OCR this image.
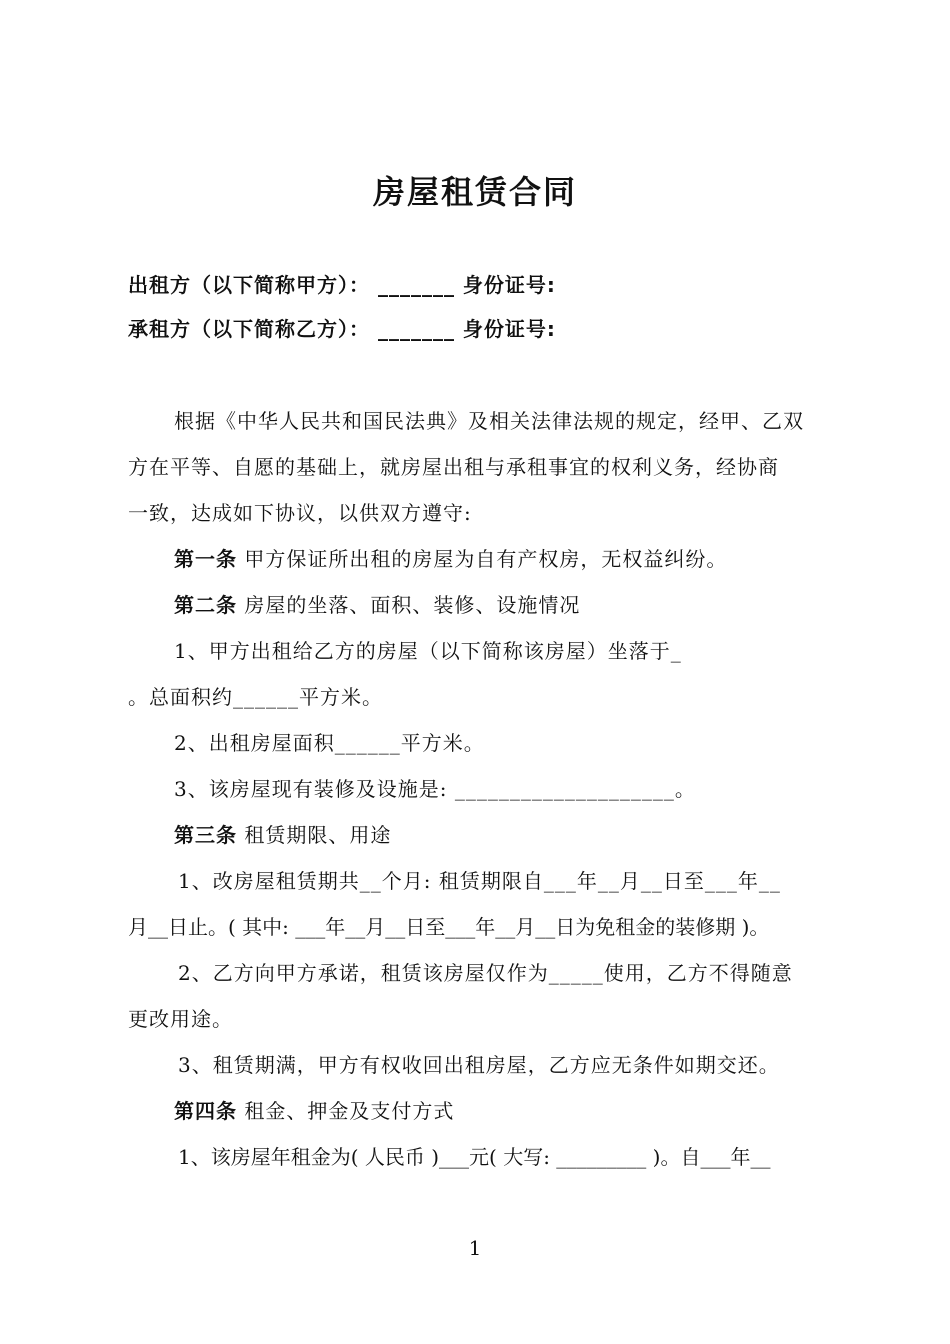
房屋租赁合同
出租方（以下简称甲方）： _______ 身份证号:
承租方（以下简称乙方）： _______ 身份证号:
根据《中华人民共和国民法典》及相关法律法规的规定，经甲、乙双
方在平等、自愿的基础上，就房屋出租与承租事宜的权利义务，经协商
一致，达成如下协议，以供双方遵守:
第一条 甲方保证所出租的房屋为自有产权房，无权益纠纷。
第二条 房屋的坐落、面积、装修、设施情况
1、甲方出租给乙方的房屋（以下简称该房屋）坐落于_
。总面积约______平方米。
2、出租房屋面积______平方米。
3、该房屋现有装修及设施是: ____________________。
第三条 租赁期限、用途
1、改房屋租赁期共__个月: 租赁期限自___年__月__日至___年__
月__日止。( 其中: ___年__月__日至___年__月__日为免租金的装修期 )。
2、乙方向甲方承诺，租赁该房屋仅作为_____使用，乙方不得随意
更改用途。
3、租赁期满，甲方有权收回出租房屋，乙方应无条件如期交还。
第四条 租金、押金及支付方式
1、该房屋年租金为( 人民币 )___元( 大写: _________ )。自___年__
1
